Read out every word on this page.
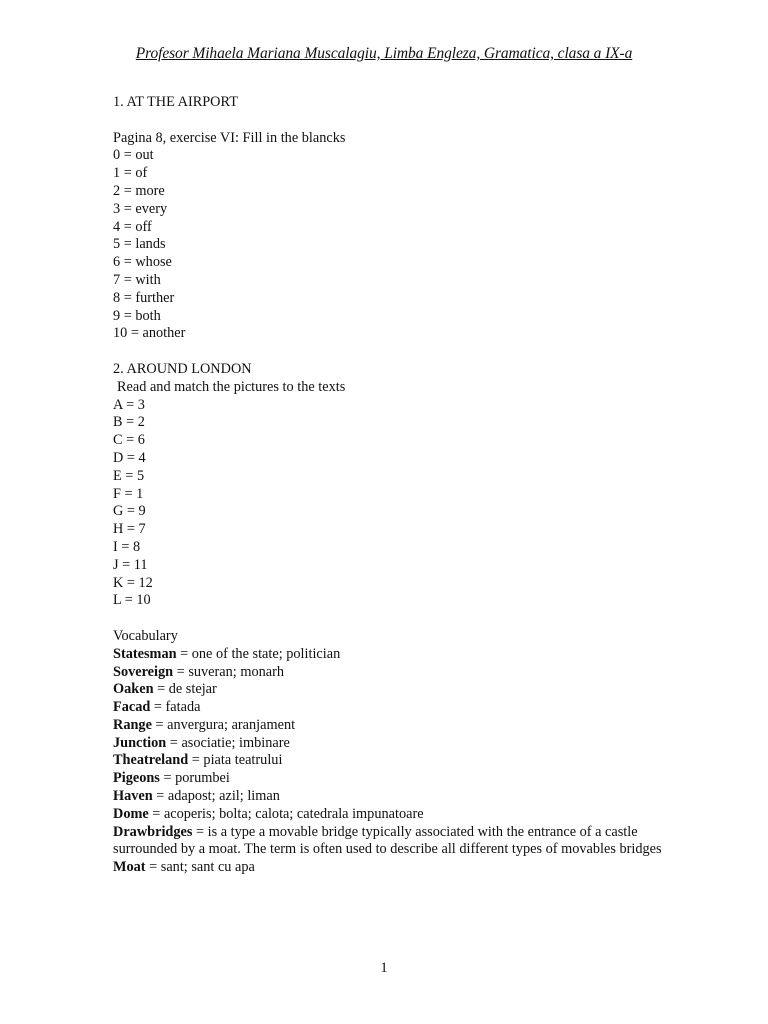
Profesor Mihaela Mariana Muscalagiu, Limba Engleza, Gramatica, clasa a IX-a
1. AT THE AIRPORT
Pagina 8, exercise VI: Fill in the blancks
0 = out
1 = of
2 = more
3 = every
4 = off
5 = lands
6 = whose
7 = with
8 = further
9 = both
10 = another
2. AROUND LONDON
Read and match the pictures to the texts
A = 3
B = 2
C = 6
D = 4
E = 5
F = 1
G = 9
H = 7
I = 8
J = 11
K = 12
L = 10
Vocabulary
Statesman = one of the state; politician
Sovereign = suveran; monarh
Oaken = de stejar
Facad = fatada
Range = anvergura; aranjament
Junction = asociatie; imbinare
Theatreland = piata teatrului
Pigeons = porumbei
Haven = adapost; azil; liman
Dome = acoperis; bolta; calota; catedrala impunatoare
Drawbridges = is a type a movable bridge typically associated with the entrance of a castle surrounded by a moat. The term is often used to describe all different types of movables bridges
Moat = sant; sant cu apa
1
